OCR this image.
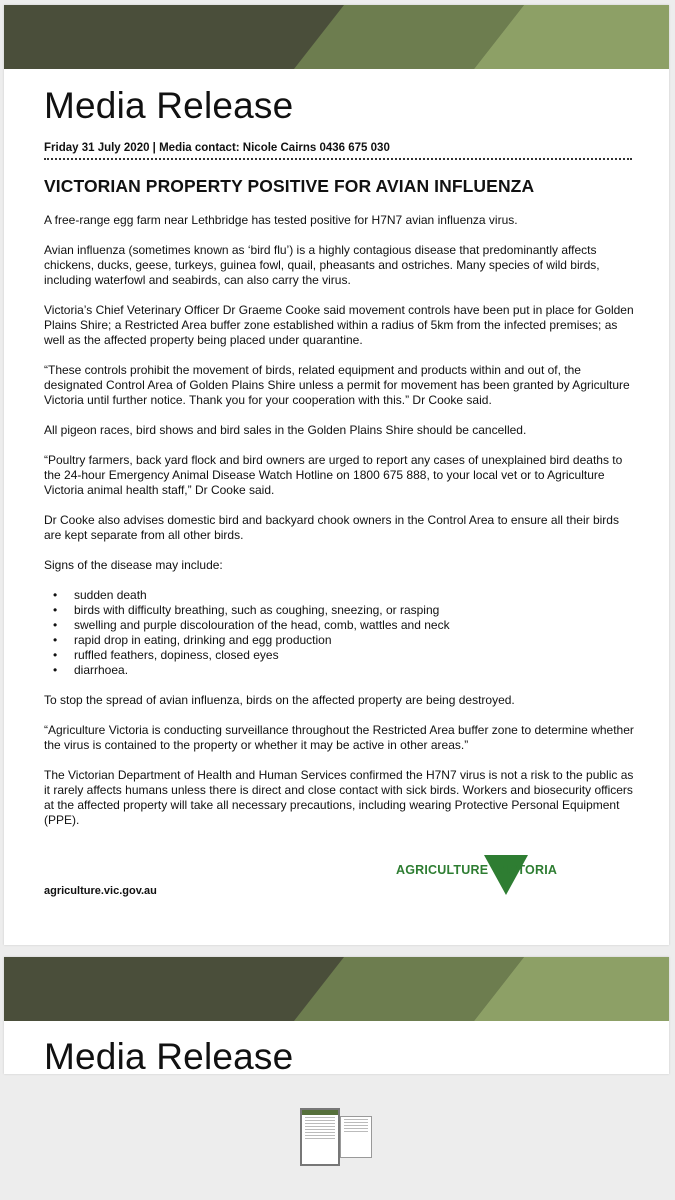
Media Release
Friday 31 July 2020 | Media contact: Nicole Cairns 0436 675 030
VICTORIAN PROPERTY POSITIVE FOR AVIAN INFLUENZA

A free-range egg farm near Lethbridge has tested positive for H7N7 avian influenza virus.

Avian influenza (sometimes known as ‘bird flu’) is a highly contagious disease that predominantly affects chickens, ducks, geese, turkeys, guinea fowl, quail, pheasants and ostriches. Many species of wild birds, including waterfowl and seabirds, can also carry the virus.

Victoria’s Chief Veterinary Officer Dr Graeme Cooke said movement controls have been put in place for Golden Plains Shire; a Restricted Area buffer zone established within a radius of 5km from the infected premises; as well as the affected property being placed under quarantine.

“These controls prohibit the movement of birds, related equipment and products within and out of, the designated Control Area of Golden Plains Shire unless a permit for movement has been granted by Agriculture Victoria until further notice. Thank you for your cooperation with this.” Dr Cooke said.

All pigeon races, bird shows and bird sales in the Golden Plains Shire should be cancelled.

“Poultry farmers, back yard flock and bird owners are urged to report any cases of unexplained bird deaths to the 24-hour Emergency Animal Disease Watch Hotline on 1800 675 888, to your local vet or to Agriculture Victoria animal health staff,” Dr Cooke said.

Dr Cooke also advises domestic bird and backyard chook owners in the Control Area to ensure all their birds are kept separate from all other birds.

Signs of the disease may include:

• sudden death
• birds with difficulty breathing, such as coughing, sneezing, or rasping
• swelling and purple discolouration of the head, comb, wattles and neck
• rapid drop in eating, drinking and egg production
• ruffled feathers, dopiness, closed eyes
• diarrhoea.

To stop the spread of avian influenza, birds on the affected property are being destroyed.

“Agriculture Victoria is conducting surveillance throughout the Restricted Area buffer zone to determine whether the virus is contained to the property or whether it may be active in other areas.”

The Victorian Department of Health and Human Services confirmed the H7N7 virus is not a risk to the public as it rarely affects humans unless there is direct and close contact with sick birds. Workers and biosecurity officers at the affected property will take all necessary precautions, including wearing Protective Personal Equipment (PPE).

AGRICULTURE VICTORIA
agriculture.vic.gov.au
Media Release
